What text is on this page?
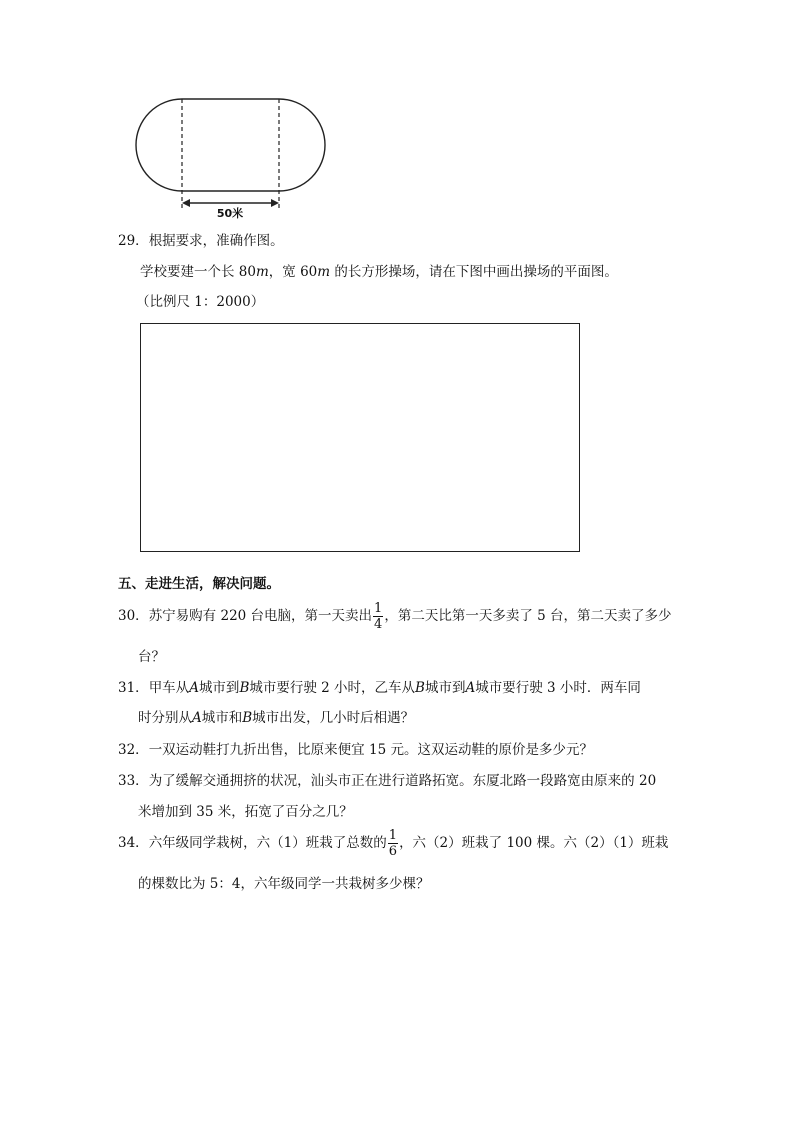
50米
29．根据要求，准确作图。
学校要建一个长 80m，宽 60m 的长方形操场，请在下图中画出操场的平面图。
（比例尺 1：2000）
五、走进生活，解决问题。
30．苏宁易购有 220 台电脑，第一天卖出 $\frac{1}{4}$ ，第二天比第一天多卖了 5 台，第二天卖了多少
台？
31．甲车从A城市到B城市要行驶 2 小时，乙车从B城市到A城市要行驶 3 小时．两车同
时分别从A城市和B城市出发，几小时后相遇？
32．一双运动鞋打九折出售，比原来便宜 15 元。这双运动鞋的原价是多少元？
33．为了缓解交通拥挤的状况，汕头市正在进行道路拓宽。东厦北路一段路宽由原来的 20
米增加到 35 米，拓宽了百分之几？
34．六年级同学栽树，六（1）班栽了总数的 $\frac{1}{6}$ ，六（2）班栽了 100 棵。六（2）（1）班栽
的棵数比为 5：4，六年级同学一共栽树多少棵？
